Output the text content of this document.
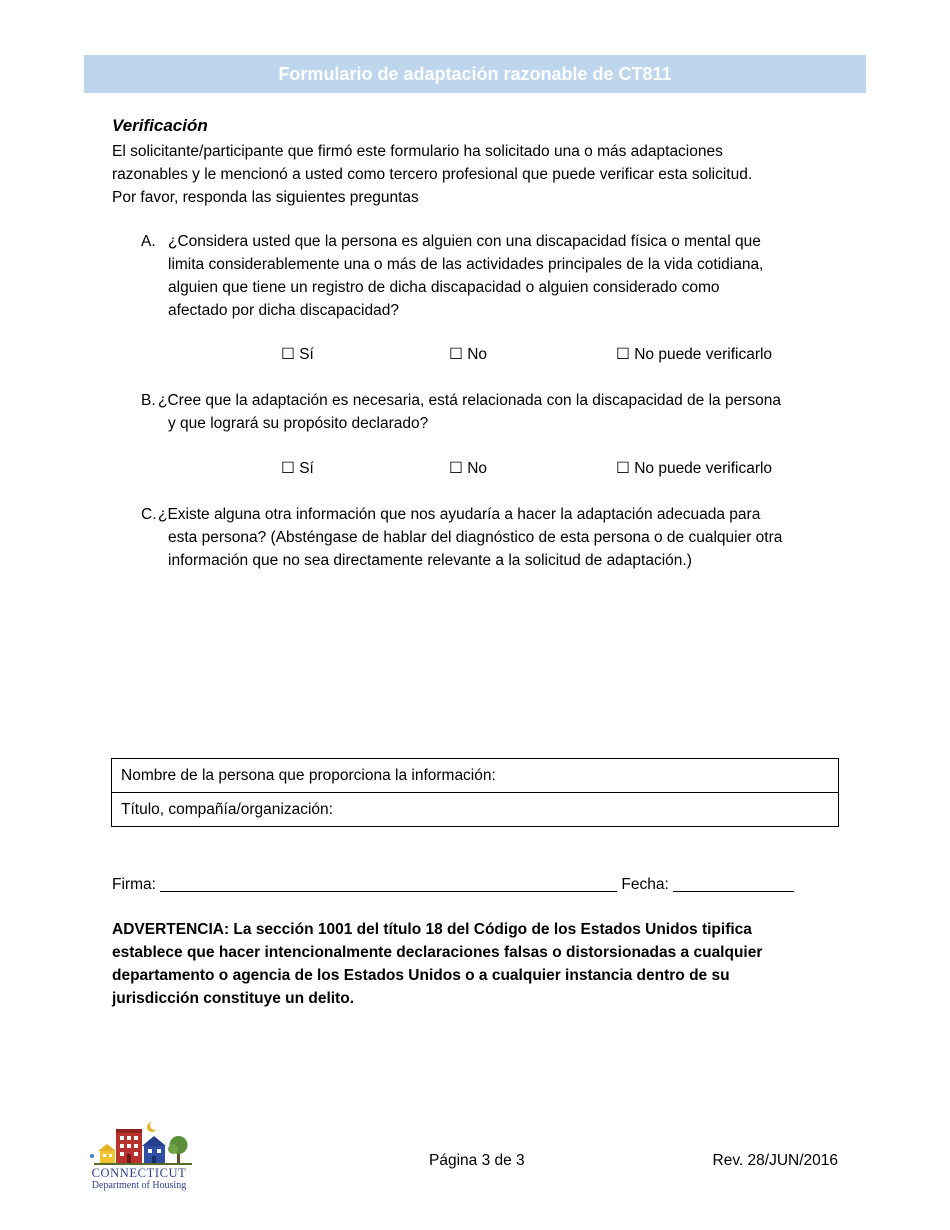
Formulario de adaptación razonable de CT811
Verificación
El solicitante/participante que firmó este formulario ha solicitado una o más adaptaciones
razonables y le mencionó a usted como tercero profesional que puede verificar esta solicitud.
Por favor, responda las siguientes preguntas
A. ¿Considera usted que la persona es alguien con una discapacidad física o mental que
limita considerablemente una o más de las actividades principales de la vida cotidiana,
alguien que tiene un registro de dicha discapacidad o alguien considerado como
afectado por dicha discapacidad?
☐ Sí	☐ No	☐ No puede verificarlo
B. ¿Cree que la adaptación es necesaria, está relacionada con la discapacidad de la persona
y que logrará su propósito declarado?
☐ Sí	☐ No	☐ No puede verificarlo
C. ¿Existe alguna otra información que nos ayudaría a hacer la adaptación adecuada para
esta persona? (Absténgase de hablar del diagnóstico de esta persona o de cualquier otra
información que no sea directamente relevante a la solicitud de adaptación.)
Nombre de la persona que proporciona la información:
Título, compañía/organización:
Firma: _____________________________________________________ Fecha: ______________
ADVERTENCIA: La sección 1001 del título 18 del Código de los Estados Unidos tipifica
establece que hacer intencionalmente declaraciones falsas o distorsionadas a cualquier
departamento o agencia de los Estados Unidos o a cualquier instancia dentro de su
jurisdicción constituye un delito.
CONNECTICUT
Department of Housing
Página 3 de 3	Rev. 28/JUN/2016
